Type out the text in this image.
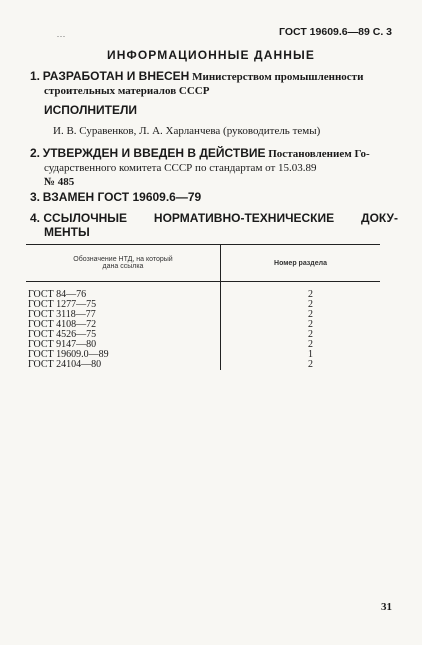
...	ГОСТ 19609.6—89 С. 3
ИНФОРМАЦИОННЫЕ ДАННЫЕ
1. РАЗРАБОТАН И ВНЕСЕН Министерством промышленности
строительных материалов СССР
ИСПОЛНИТЕЛИ
И. В. Суравенков, Л. А. Харланчева (руководитель темы)
2. УТВЕРЖДЕН И ВВЕДЕН В ДЕЙСТВИЕ Постановлением Го-
сударственного комитета СССР по стандартам от 15.03.89
№ 485
3. ВЗАМЕН ГОСТ 19609.6—79
4. ССЫЛОЧНЫЕ НОРМАТИВНО-ТЕХНИЧЕСКИЕ ДОКУ-
МЕНТЫ
Обозначение НТД, на который
дана ссылка	Номер раздела
ГОСТ 84—76	2
ГОСТ 1277—75	2
ГОСТ 3118—77	2
ГОСТ 4108—72	2
ГОСТ 4526—75	2
ГОСТ 9147—80	2
ГОСТ 19609.0—89	1
ГОСТ 24104—80	2
31
